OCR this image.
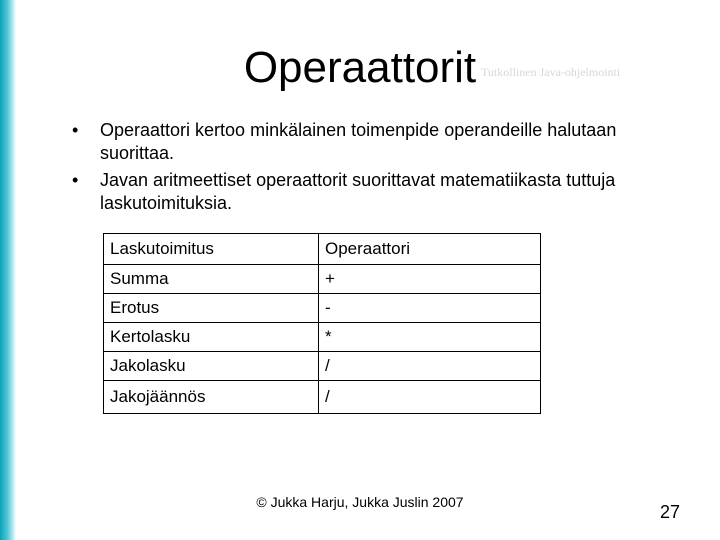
Operaattorit Tutkollinen Java-ohjelmointi
• Operaattori kertoo minkälainen toimenpide operandeille halutaan suorittaa.
• Javan aritmeettiset operaattorit suorittavat matematiikasta tuttuja laskutoimituksia.
Laskutoimitus	Operaattori
Summa	+
Erotus	-
Kertolasku	*
Jakolasku	/
Jakojäännös	/
© Jukka Harju, Jukka Juslin 2007	27
